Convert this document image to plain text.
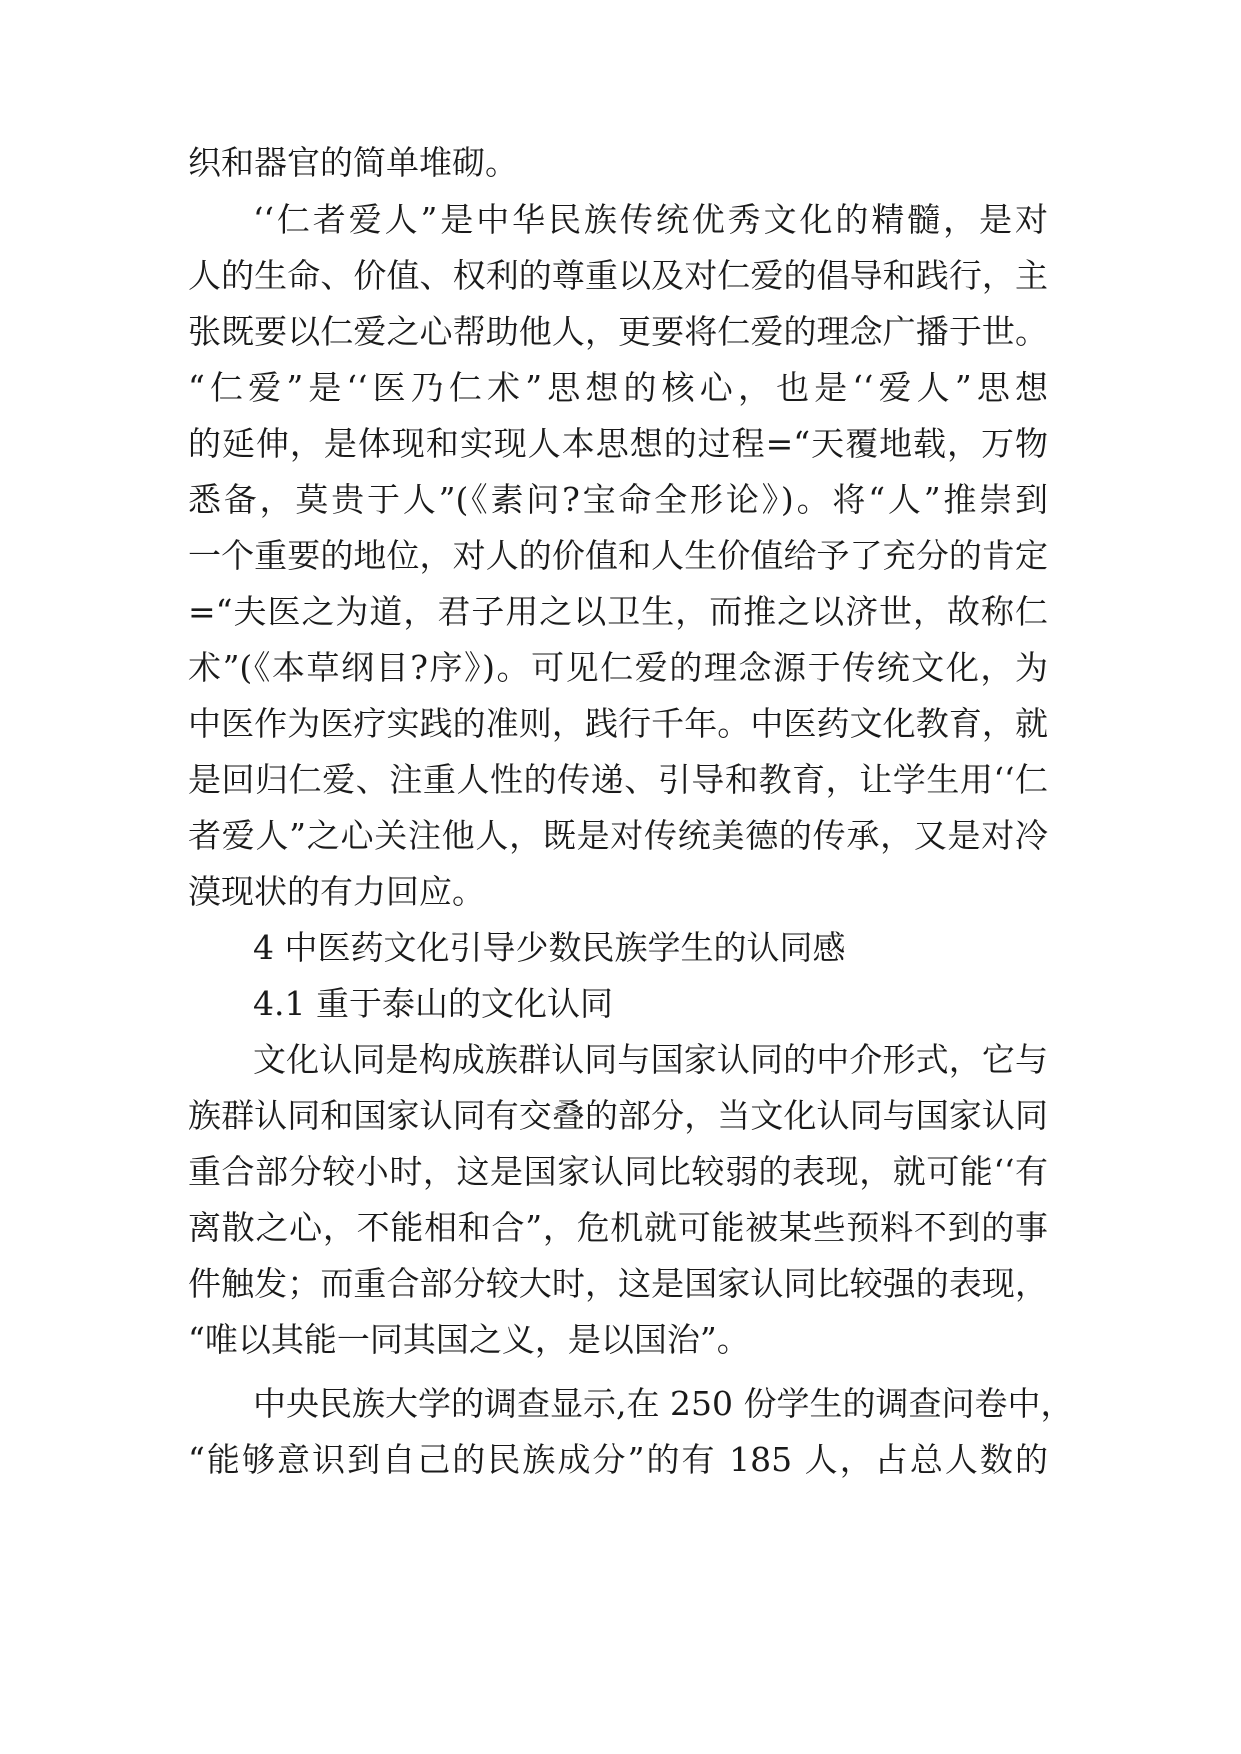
织和器官的简单堆砌。
‘‘仁者爱人”是中华民族传统优秀文化的精髓，是对
人的生命、价值、权利的尊重以及对仁爱的倡导和践行，主
张既要以仁爱之心帮助他人，更要将仁爱的理念广播于世。
“仁爱”是‘‘医乃仁术”思想的核心，也是‘‘爱人”思想
的延伸，是体现和实现人本思想的过程=“天覆地载，万物
悉备，莫贵于人”(《素问?宝命全形论》)。将“人”推崇到
一个重要的地位，对人的价值和人生价值给予了充分的肯定
=“夫医之为道，君子用之以卫生，而推之以济世，故称仁
术”(《本草纲目?序》)。可见仁爱的理念源于传统文化，为
中医作为医疗实践的准则，践行千年。中医药文化教育，就
是回归仁爱、注重人性的传递、引导和教育，让学生用‘‘仁
者爱人”之心关注他人，既是对传统美德的传承，又是对冷
漠现状的有力回应。
4 中医药文化引导少数民族学生的认同感
4.1 重于泰山的文化认同
文化认同是构成族群认同与国家认同的中介形式，它与
族群认同和国家认同有交叠的部分，当文化认同与国家认同
重合部分较小时，这是国家认同比较弱的表现，就可能‘‘有
离散之心，不能相和合”，危机就可能被某些预料不到的事
件触发；而重合部分较大时，这是国家认同比较强的表现，
“唯以其能一同其国之义，是以国治”。
中央民族大学的调查显示,在 250 份学生的调查问卷中，
“能够意识到自己的民族成分”的有 185 人，占总人数的
